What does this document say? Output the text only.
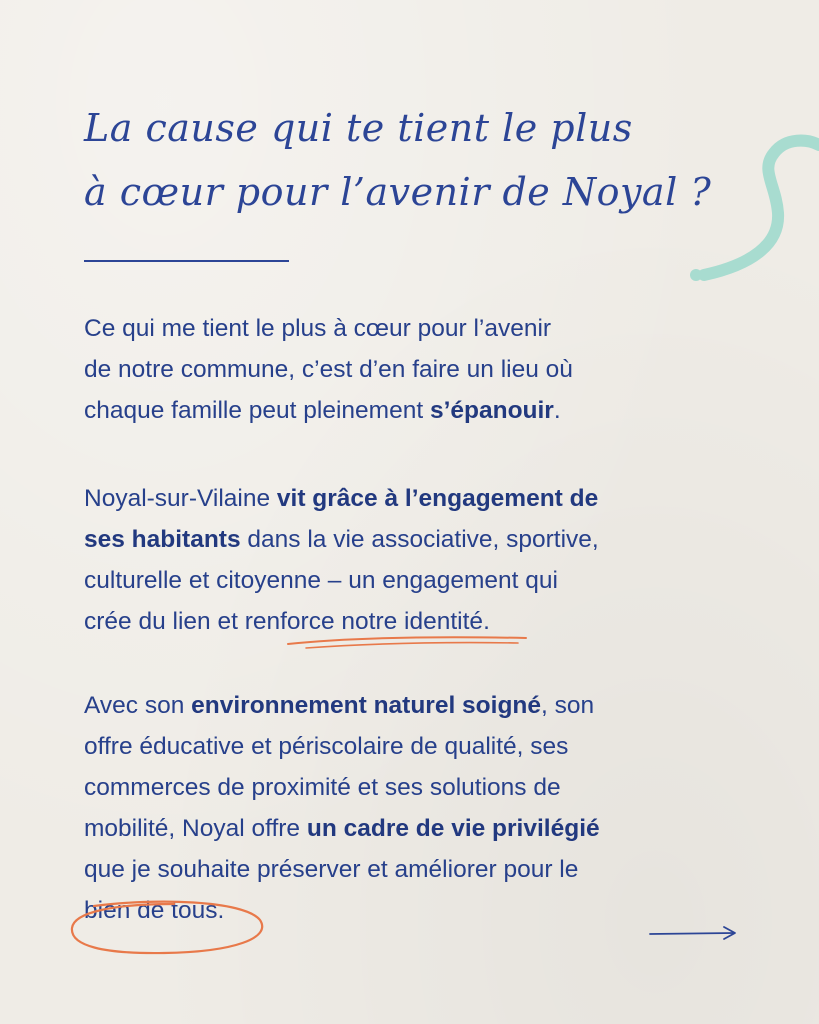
La cause qui te tient le plus
à cœur pour l’avenir de Noyal ?
Ce qui me tient le plus à cœur pour l’avenir
de notre commune, c’est d’en faire un lieu où
chaque famille peut pleinement s’épanouir.
Noyal-sur-Vilaine vit grâce à l’engagement de
ses habitants dans la vie associative, sportive,
culturelle et citoyenne – un engagement qui
crée du lien et renforce notre identité.
Avec son environnement naturel soigné, son
offre éducative et périscolaire de qualité, ses
commerces de proximité et ses solutions de
mobilité, Noyal offre un cadre de vie privilégié
que je souhaite préserver et améliorer pour le
bien de tous.
